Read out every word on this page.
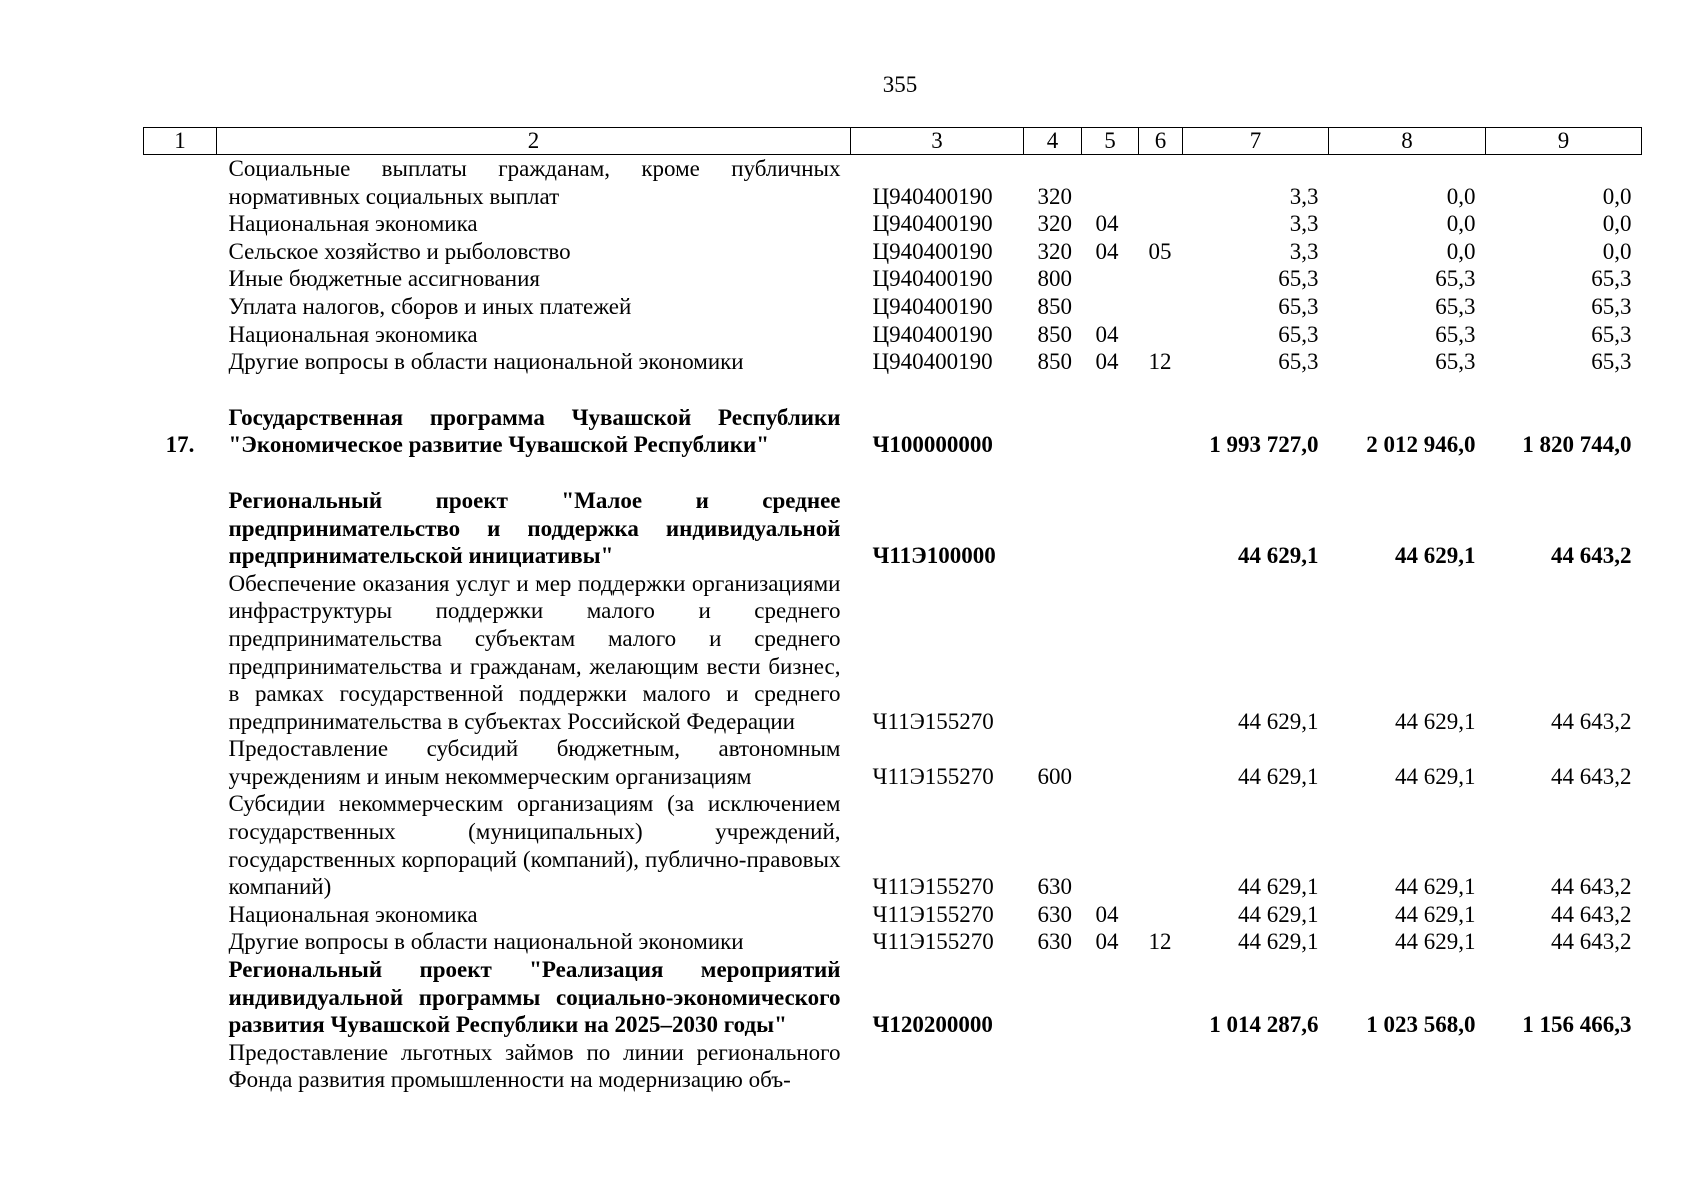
355
1	2	3	4	5	6	7	8	9
	Социальные выплаты гражданам, кроме публичных нормативных социальных выплат	Ц940400190	320			3,3	0,0	0,0
	Национальная экономика	Ц940400190	320	04		3,3	0,0	0,0
	Сельское хозяйство и рыболовство	Ц940400190	320	04	05	3,3	0,0	0,0
	Иные бюджетные ассигнования	Ц940400190	800			65,3	65,3	65,3
	Уплата налогов, сборов и иных платежей	Ц940400190	850			65,3	65,3	65,3
	Национальная экономика	Ц940400190	850	04		65,3	65,3	65,3
	Другие вопросы в области национальной экономики	Ц940400190	850	04	12	65,3	65,3	65,3

17.	Государственная программа Чувашской Республики "Экономическое развитие Чувашской Республики"	Ч100000000				1 993 727,0	2 012 946,0	1 820 744,0

	Региональный проект "Малое и среднее предпринимательство и поддержка индивидуальной предпринимательской инициативы"	Ч11Э100000				44 629,1	44 629,1	44 643,2
	Обеспечение оказания услуг и мер поддержки организациями инфраструктуры поддержки малого и среднего предпринимательства субъектам малого и среднего предпринимательства и гражданам, желающим вести бизнес, в рамках государственной поддержки малого и среднего предпринимательства в субъектах Российской Федерации	Ч11Э155270				44 629,1	44 629,1	44 643,2
	Предоставление субсидий бюджетным, автономным учреждениям и иным некоммерческим организациям	Ч11Э155270	600			44 629,1	44 629,1	44 643,2
	Субсидии некоммерческим организациям (за исключением государственных (муниципальных) учреждений, государственных корпораций (компаний), публично-правовых компаний)	Ч11Э155270	630			44 629,1	44 629,1	44 643,2
	Национальная экономика	Ч11Э155270	630	04		44 629,1	44 629,1	44 643,2
	Другие вопросы в области национальной экономики	Ч11Э155270	630	04	12	44 629,1	44 629,1	44 643,2
	Региональный проект "Реализация мероприятий индивидуальной программы социально-экономического развития Чувашской Республики на 2025–2030 годы"	Ч120200000				1 014 287,6	1 023 568,0	1 156 466,3
	Предоставление льготных займов по линии регионального Фонда развития промышленности на модернизацию объ-							
